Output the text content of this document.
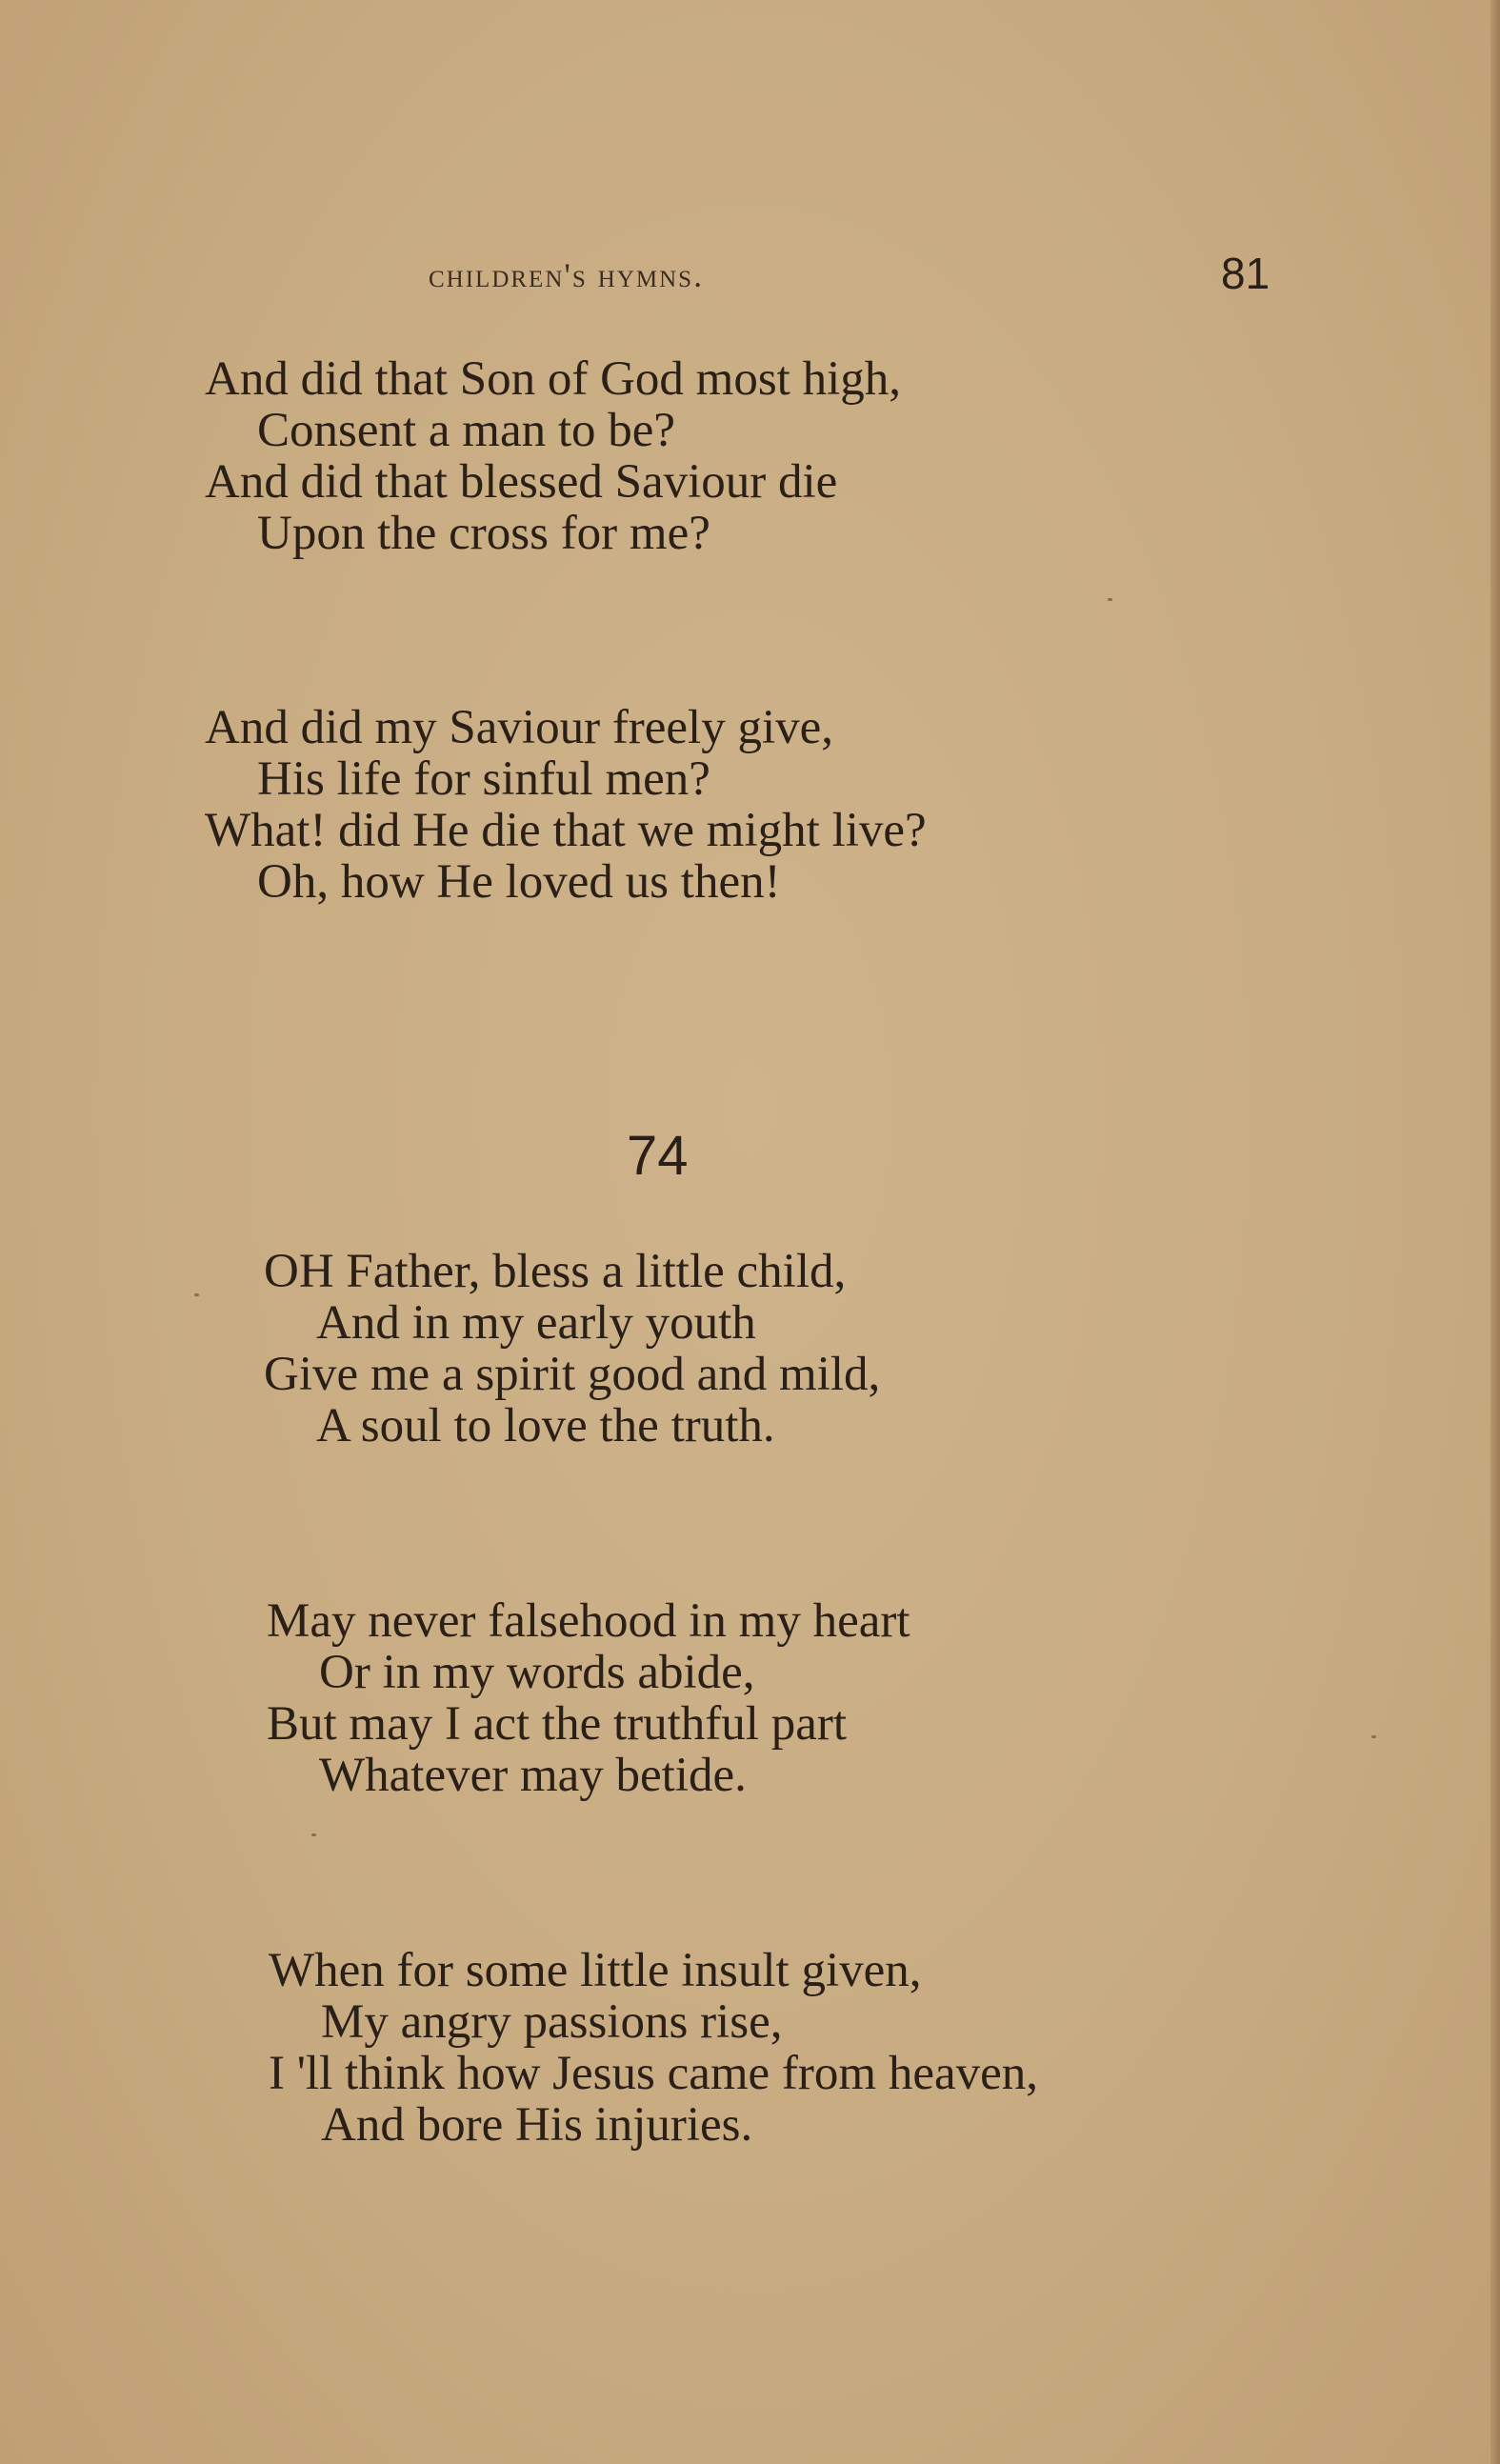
children's hymns.	81
And did that Son of God most high,
Consent a man to be?
And did that blessed Saviour die
Upon the cross for me?
And did my Saviour freely give,
His life for sinful men?
What! did He die that we might live?
Oh, how He loved us then!
74
OH Father, bless a little child,
And in my early youth
Give me a spirit good and mild,
A soul to love the truth.
May never falsehood in my heart
Or in my words abide,
But may I act the truthful part
Whatever may betide.
When for some little insult given,
My angry passions rise,
I 'll think how Jesus came from heaven,
And bore His injuries.
